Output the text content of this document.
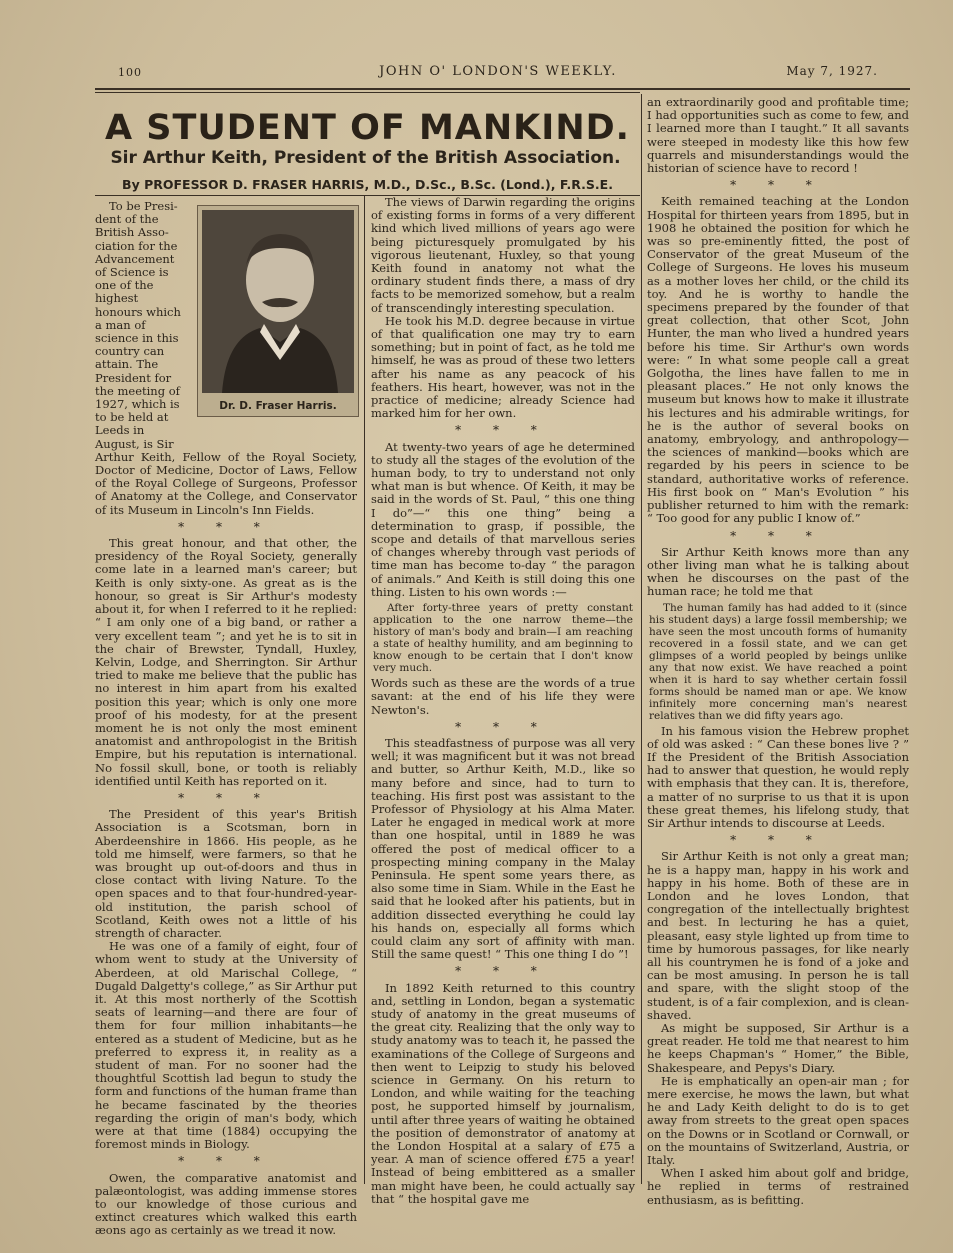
100	JOHN O' LONDON'S WEEKLY.	May 7, 1927.
A STUDENT OF MANKIND.
Sir Arthur Keith, President of the British Association.
By PROFESSOR D. FRASER HARRIS, M.D., D.Sc., B.Sc. (Lond.), F.R.S.E.
Dr. D. Fraser Harris.
To be Presi-
dent of the
British Asso-
ciation for the
Advancement
of Science is
one of the
highest
honours which
a man of
science in this
country can
attain. The
President for
the meeting of
1927, which is
to be held at
Leeds in
August, is Sir

Arthur Keith, Fellow of the Royal Society, Doctor of Medicine, Doctor of Laws, Fellow of the Royal College of Surgeons, Professor of Anatomy at the College, and Conservator of its Museum in Lincoln's Inn Fields.

* * *

This great honour, and that other, the presidency of the Royal Society, generally come late in a learned man's career; but Keith is only sixty-one. As great as is the honour, so great is Sir Arthur's modesty about it, for when I referred to it he replied: “ I am only one of a big band, or rather a very excellent team ”; and yet he is to sit in the chair of Brewster, Tyndall, Huxley, Kelvin, Lodge, and Sherrington. Sir Arthur tried to make me believe that the public has no interest in him apart from his exalted position this year; which is only one more proof of his modesty, for at the present moment he is not only the most eminent anatomist and anthropologist in the British Empire, but his reputation is international. No fossil skull, bone, or tooth is reliably identified until Keith has reported on it.

* * *

The President of this year's British Association is a Scotsman, born in Aberdeenshire in 1866. His people, as he told me himself, were farmers, so that he was brought up out-of-doors and thus in close contact with living Nature. To the open spaces and to that four-hundred-year-old institution, the parish school of Scotland, Keith owes not a little of his strength of character.

He was one of a family of eight, four of whom went to study at the University of Aberdeen, at old Marischal College, “ Dugald Dalgetty's college,” as Sir Arthur put it. At this most northerly of the Scottish seats of learning—and there are four of them for four million inhabitants—he entered as a student of Medicine, but as he preferred to express it, in reality as a student of man. For no sooner had the thoughtful Scottish lad begun to study the form and functions of the human frame than he became fascinated by the theories regarding the origin of man's body, which were at that time (1884) occupying the foremost minds in Biology.

* * *

Owen, the comparative anatomist and palæontologist, was adding immense stores to our knowledge of those curious and extinct creatures which walked this earth æons ago as certainly as we tread it now.

The views of Darwin regarding the origins of existing forms in forms of a very different kind which lived millions of years ago were being picturesquely promulgated by his vigorous lieutenant, Huxley, so that young Keith found in anatomy not what the ordinary student finds there, a mass of dry facts to be memorized somehow, but a realm of transcendingly interesting speculation.

He took his M.D. degree because in virtue of that qualification one may try to earn something; but in point of fact, as he told me himself, he was as proud of these two letters after his name as any peacock of his feathers. His heart, however, was not in the practice of medicine; already Science had marked him for her own.

* * *

At twenty-two years of age he determined to study all the stages of the evolution of the human body, to try to understand not only what man is but whence. Of Keith, it may be said in the words of St. Paul, “ this one thing I do”—“ this one thing” being a determination to grasp, if possible, the scope and details of that marvellous series of changes whereby through vast periods of time man has become to-day “ the paragon of animals.” And Keith is still doing this one thing. Listen to his own words :—

After forty-three years of pretty constant application to the one narrow theme—the history of man's body and brain—I am reaching a state of healthy humility, and am beginning to know enough to be certain that I don't know very much.

Words such as these are the words of a true savant: at the end of his life they were Newton's.

* * *

This steadfastness of purpose was all very well; it was magnificent but it was not bread and butter, so Arthur Keith, M.D., like so many before and since, had to turn to teaching. His first post was assistant to the Professor of Physiology at his Alma Mater. Later he engaged in medical work at more than one hospital, until in 1889 he was offered the post of medical officer to a prospecting mining company in the Malay Peninsula. He spent some years there, as also some time in Siam. While in the East he said that he looked after his patients, but in addition dissected everything he could lay his hands on, especially all forms which could claim any sort of affinity with man. Still the same quest! “ This one thing I do ”!

* * *

In 1892 Keith returned to this country and, settling in London, began a systematic study of anatomy in the great museums of the great city. Realizing that the only way to study anatomy was to teach it, he passed the examinations of the College of Surgeons and then went to Leipzig to study his beloved science in Germany. On his return to London, and while waiting for the teaching post, he supported himself by journalism, until after three years of waiting he obtained the position of demonstrator of anatomy at the London Hospital at a salary of £75 a year. A man of science offered £75 a year! Instead of being embittered as a smaller man might have been, he could actually say that “ the hospital gave me

an extraordinarily good and profitable time; I had opportunities such as come to few, and I learned more than I taught.” It all savants were steeped in modesty like this how few quarrels and misunderstandings would the historian of science have to record !

* * *

Keith remained teaching at the London Hospital for thirteen years from 1895, but in 1908 he obtained the position for which he was so pre-eminently fitted, the post of Conservator of the great Museum of the College of Surgeons. He loves his museum as a mother loves her child, or the child its toy. And he is worthy to handle the specimens prepared by the founder of that great collection, that other Scot, John Hunter, the man who lived a hundred years before his time. Sir Arthur's own words were: “ In what some people call a great Golgotha, the lines have fallen to me in pleasant places.” He not only knows the museum but knows how to make it illustrate his lectures and his admirable writings, for he is the author of several books on anatomy, embryology, and anthropology—the sciences of mankind—books which are regarded by his peers in science to be standard, authoritative works of reference. His first book on “ Man's Evolution ” his publisher returned to him with the remark: “ Too good for any public I know of.”

* * *

Sir Arthur Keith knows more than any other living man what he is talking about when he discourses on the past of the human race; he told me that

The human family has had added to it (since his student days) a large fossil membership; we have seen the most uncouth forms of humanity recovered in a fossil state, and we can get glimpses of a world peopled by beings unlike any that now exist. We have reached a point when it is hard to say whether certain fossil forms should be named man or ape. We know infinitely more concerning man's nearest relatives than we did fifty years ago.

In his famous vision the Hebrew prophet of old was asked : “ Can these bones live ? ” If the President of the British Association had to answer that question, he would reply with emphasis that they can. It is, therefore, a matter of no surprise to us that it is upon these great themes, his lifelong study, that Sir Arthur intends to discourse at Leeds.

* * *

Sir Arthur Keith is not only a great man; he is a happy man, happy in his work and happy in his home. Both of these are in London and he loves London, that congregation of the intellectually brightest and best. In lecturing he has a quiet, pleasant, easy style lighted up from time to time by humorous passages, for like nearly all his countrymen he is fond of a joke and can be most amusing. In person he is tall and spare, with the slight stoop of the student, is of a fair complexion, and is clean-shaved.

As might be supposed, Sir Arthur is a great reader. He told me that nearest to him he keeps Chapman's “ Homer,” the Bible, Shakespeare, and Pepys's Diary.

He is emphatically an open-air man ; for mere exercise, he mows the lawn, but what he and Lady Keith delight to do is to get away from streets to the great open spaces on the Downs or in Scotland or Cornwall, or on the mountains of Switzerland, Austria, or Italy.

When I asked him about golf and bridge, he replied in terms of restrained enthusiasm, as is befitting.
